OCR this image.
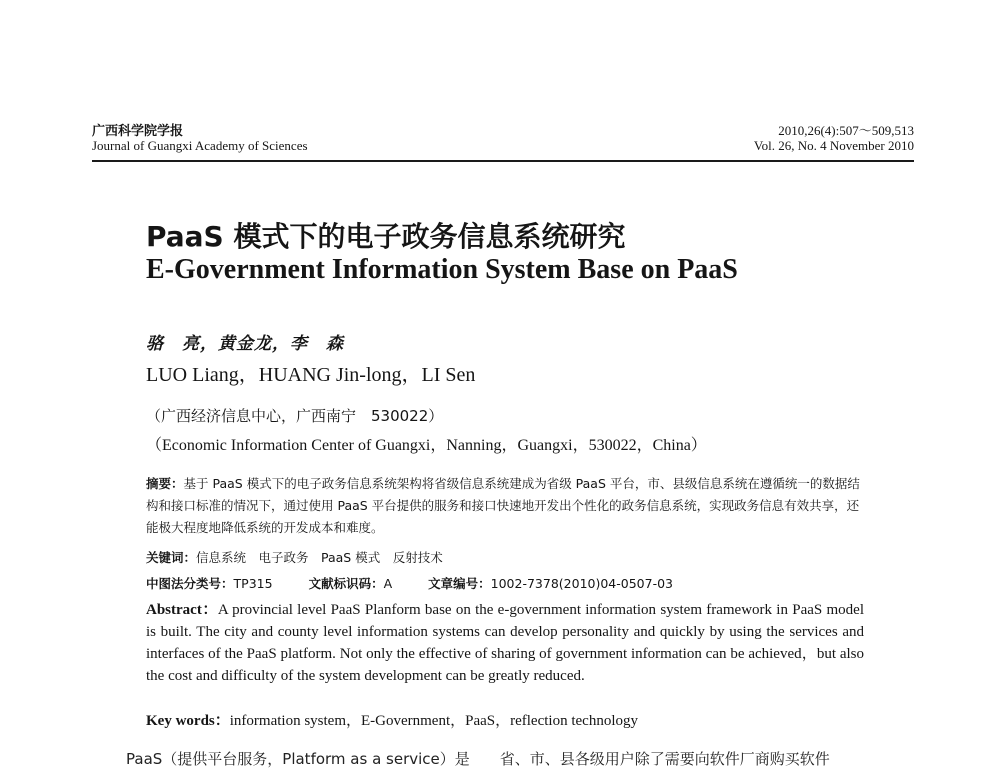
广西科学院学报
Journal of Guangxi Academy of Sciences
2010,26(4):507～509,513
Vol. 26, No. 4 November 2010
PaaS 模式下的电子政务信息系统研究
E-Government Information System Base on PaaS
骆　亮，黄金龙，李　森
LUO Liang，HUANG Jin-long，LI Sen
（广西经济信息中心，广西南宁　530022）
（Economic Information Center of Guangxi，Nanning，Guangxi，530022，China）
摘要：基于 PaaS 模式下的电子政务信息系统架构将省级信息系统建成为省级 PaaS 平台，市、县级信息系统在遵循统一的数据结构和接口标准的情况下，通过使用 PaaS 平台提供的服务和接口快速地开发出个性化的政务信息系统，实现政务信息有效共享，还能极大程度地降低系统的开发成本和难度。
关键词：信息系统　电子政务　PaaS 模式　反射技术
中图法分类号：TP315	文献标识码：A	文章编号：1002-7378(2010)04-0507-03
Abstract：A provincial level PaaS Planform base on the e-government information system framework in PaaS model is built. The city and county level information systems can develop personality and quickly by using the services and interfaces of the PaaS platform. Not only the effective of sharing of government information can be achieved，but also the cost and difficulty of the system development can be greatly reduced.
Key words：information system，E-Government，PaaS，reflection technology
PaaS（提供平台服务，Platform as a service）是　　省、市、县各级用户除了需要向软件厂商购买软件
